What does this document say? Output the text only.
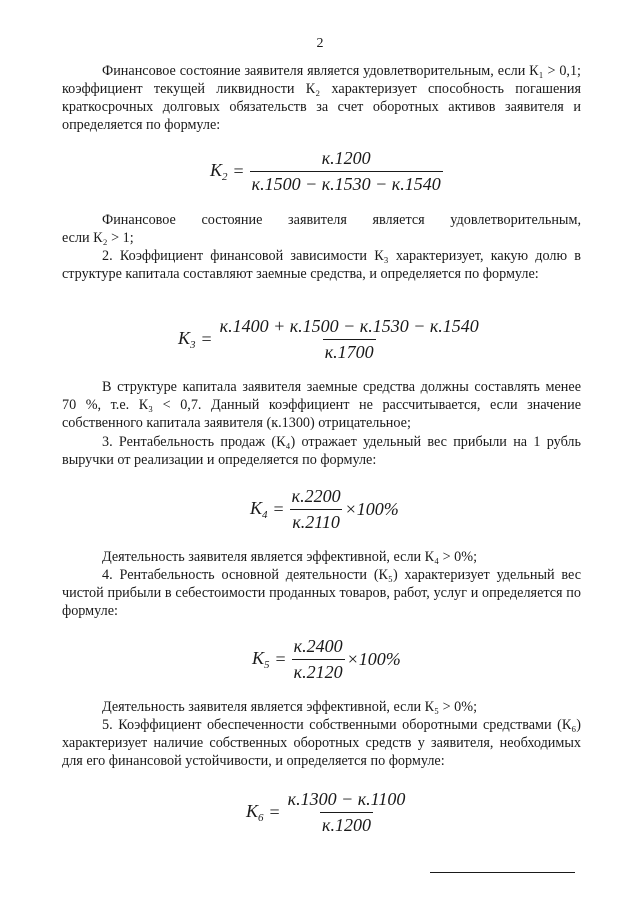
2

Финансовое состояние заявителя является удовлетворительным, если К₁ > 0,1; коэффициент текущей ликвидности К₂ характеризует способность погашения краткосрочных долговых обязательств за счет оборотных активов заявителя и определяется по формуле:

$K_2 = \frac{к.1200}{к.1500 - к.1530 - к.1540}$

Финансовое состояние заявителя является удовлетворительным,

если К₂ > 1;

2. Коэффициент финансовой зависимости К₃ характеризует, какую долю в структуре капитала составляют заемные средства, и определяется по формуле:

$K_3 = \frac{к.1400 + к.1500 - к.1530 - к.1540}{к.1700}$

В структуре капитала заявителя заемные средства должны составлять менее 70 %, т.е. К₃ < 0,7. Данный коэффициент не рассчитывается, если значение собственного капитала заявителя (к.1300) отрицательное;

3. Рентабельность продаж (К₄) отражает удельный вес прибыли на 1 рубль выручки от реализации и определяется по формуле:

$K_4 = \frac{к.2200}{к.2110} \times 100\%$

Деятельность заявителя является эффективной, если К₄ > 0%;

4. Рентабельность основной деятельности (К₅) характеризует удельный вес чистой прибыли в себестоимости проданных товаров, работ, услуг и определяется по формуле:

$K_5 = \frac{к.2400}{к.2120} \times 100\%$

Деятельность заявителя является эффективной, если К₅ > 0%;

5. Коэффициент обеспеченности собственными оборотными средствами (К₆) характеризует наличие собственных оборотных средств у заявителя, необходимых для его финансовой устойчивости, и определяется по формуле:

$K_6 = \frac{к.1300 - к.1100}{к.1200}$
